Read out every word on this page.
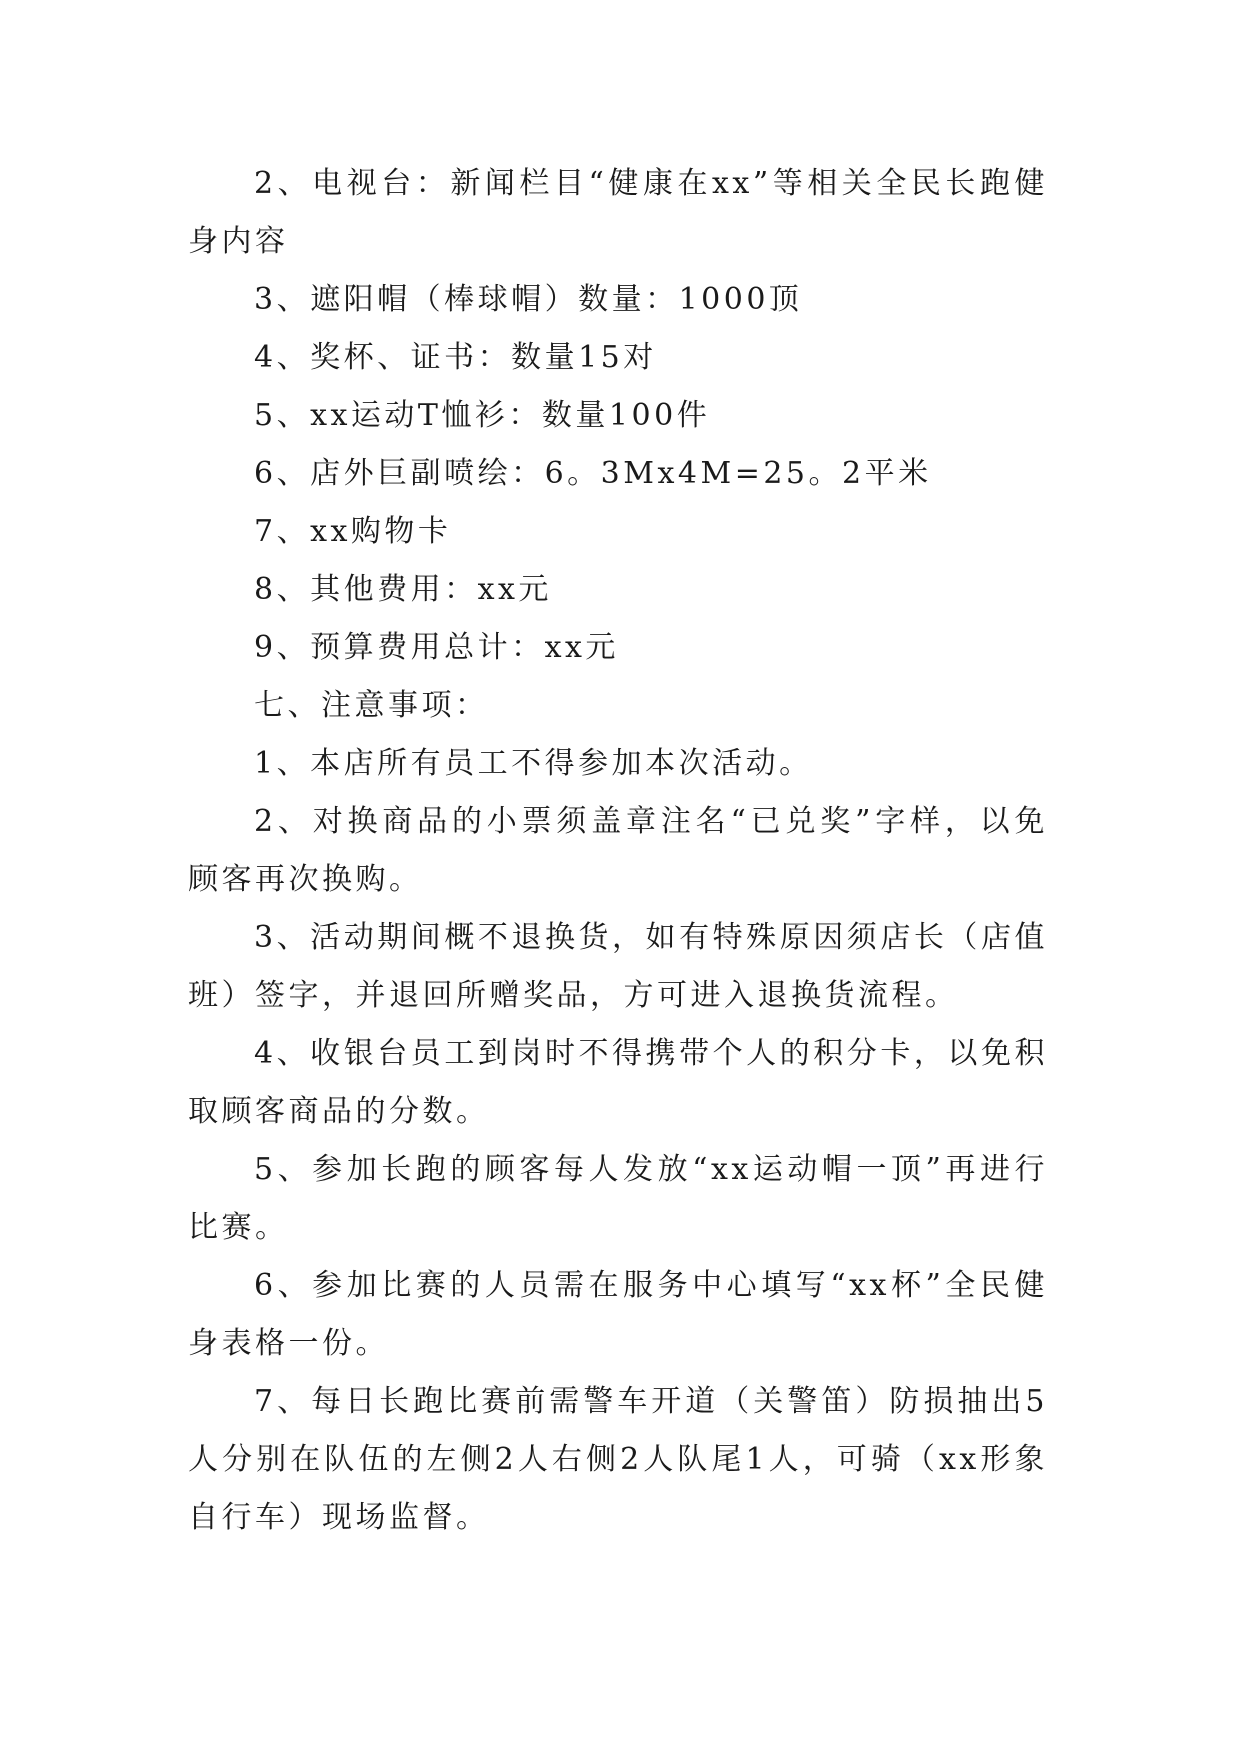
2、电视台：新闻栏目“健康在xx”等相关全民长跑健身内容

3、遮阳帽（棒球帽）数量：1000顶

4、奖杯、证书：数量15对

5、xx运动T恤衫：数量100件

6、店外巨副喷绘：6。3Mx4M=25。2平米

7、xx购物卡

8、其他费用：xx元

9、预算费用总计：xx元

七、注意事项：

1、本店所有员工不得参加本次活动。

2、对换商品的小票须盖章注名“已兑奖”字样，以免顾客再次换购。

3、活动期间概不退换货，如有特殊原因须店长（店值班）签字，并退回所赠奖品，方可进入退换货流程。

4、收银台员工到岗时不得携带个人的积分卡，以免积取顾客商品的分数。

5、参加长跑的顾客每人发放“xx运动帽一顶”再进行比赛。

6、参加比赛的人员需在服务中心填写“xx杯”全民健身表格一份。

7、每日长跑比赛前需警车开道（关警笛）防损抽出5人分别在队伍的左侧2人右侧2人队尾1人，可骑（xx形象自行车）现场监督。
